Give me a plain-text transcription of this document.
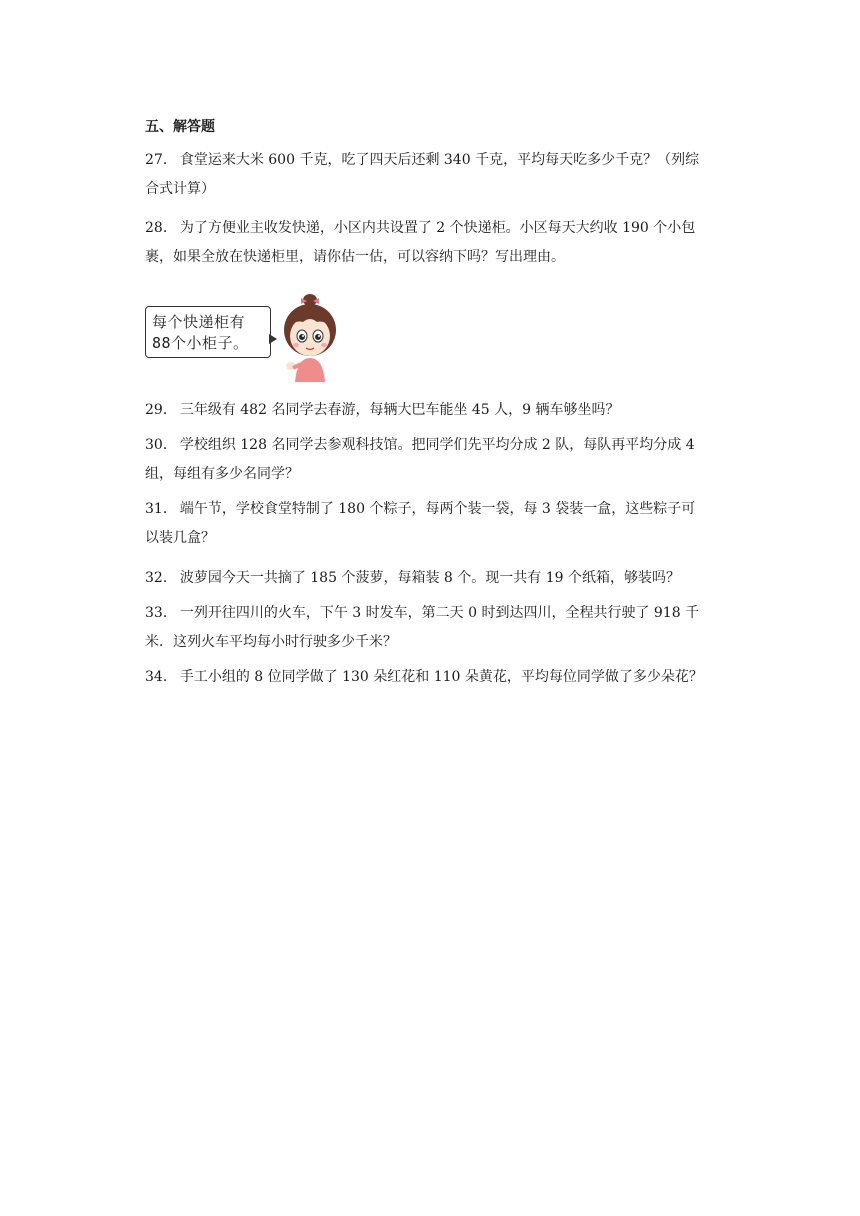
五、解答题
27． 食堂运来大米 600 千克，吃了四天后还剩 340 千克，平均每天吃多少千克？（列综
合式计算）
28． 为了方便业主收发快递，小区内共设置了 2 个快递柜。小区每天大约收 190 个小包
裹，如果全放在快递柜里，请你估一估，可以容纳下吗？写出理由。
每个快递柜有
88个小柜子。
29． 三年级有 482 名同学去春游，每辆大巴车能坐 45 人，9 辆车够坐吗？
30． 学校组织 128 名同学去参观科技馆。把同学们先平均分成 2 队，每队再平均分成 4
组，每组有多少名同学？
31． 端午节，学校食堂特制了 180 个粽子，每两个装一袋，每 3 袋装一盒，这些粽子可
以装几盒？
32． 波萝园今天一共摘了 185 个菠萝，每箱装 8 个。现一共有 19 个纸箱，够装吗？
33． 一列开往四川的火车，下午 3 时发车，第二天 0 时到达四川，全程共行驶了 918 千
米．这列火车平均每小时行驶多少千米？
34． 手工小组的 8 位同学做了 130 朵红花和 110 朵黄花，平均每位同学做了多少朵花？
